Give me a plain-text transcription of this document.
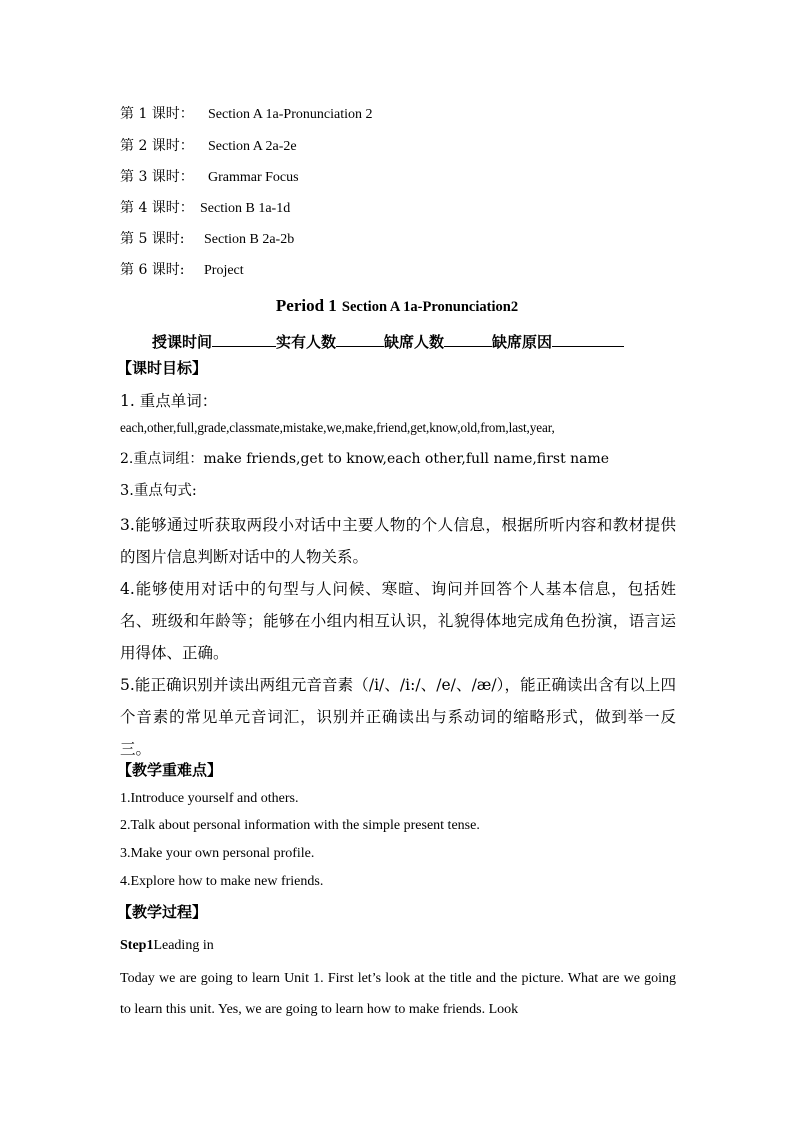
第 1 课时： Section A 1a-Pronunciation 2
第 2 课时： Section A 2a-2e
第 3 课时： Grammar Focus
第 4 课时： Section B 1a-1d
第 5 课时: Section B 2a-2b
第 6 课时: Project
Period 1 Section A 1a-Pronunciation2
授课时间	实有人数	缺席人数	缺席原因
【课时目标】
1. 重点单词：
each,other,full,grade,classmate,mistake,we,make,friend,get,know,old,from,last,year,
2.重点词组：make friends,get to know,each other,full name,first name
3.重点句式:
3.能够通过听获取两段小对话中主要人物的个人信息，根据所听内容和教材提供的图片信息判断对话中的人物关系。
4.能够使用对话中的句型与人问候、寒暄、询问并回答个人基本信息，包括姓名、班级和年龄等；能够在小组内相互认识，礼貌得体地完成角色扮演，语言运用得体、正确。
5.能正确识别并读出两组元音音素（/i/、/i:/、/e/、/æ/），能正确读出含有以上四个音素的常见单元音词汇，识别并正确读出与系动词的缩略形式，做到举一反三。
【教学重难点】
1.Introduce yourself and others.
2.Talk about personal information with the simple present tense.
3.Make your own personal profile.
4.Explore how to make new friends.
【教学过程】
Step1Leading in
Today we are going to learn Unit 1. First let’s look at the title and the picture. What are we going to learn this unit. Yes, we are going to learn how to make friends. Look
